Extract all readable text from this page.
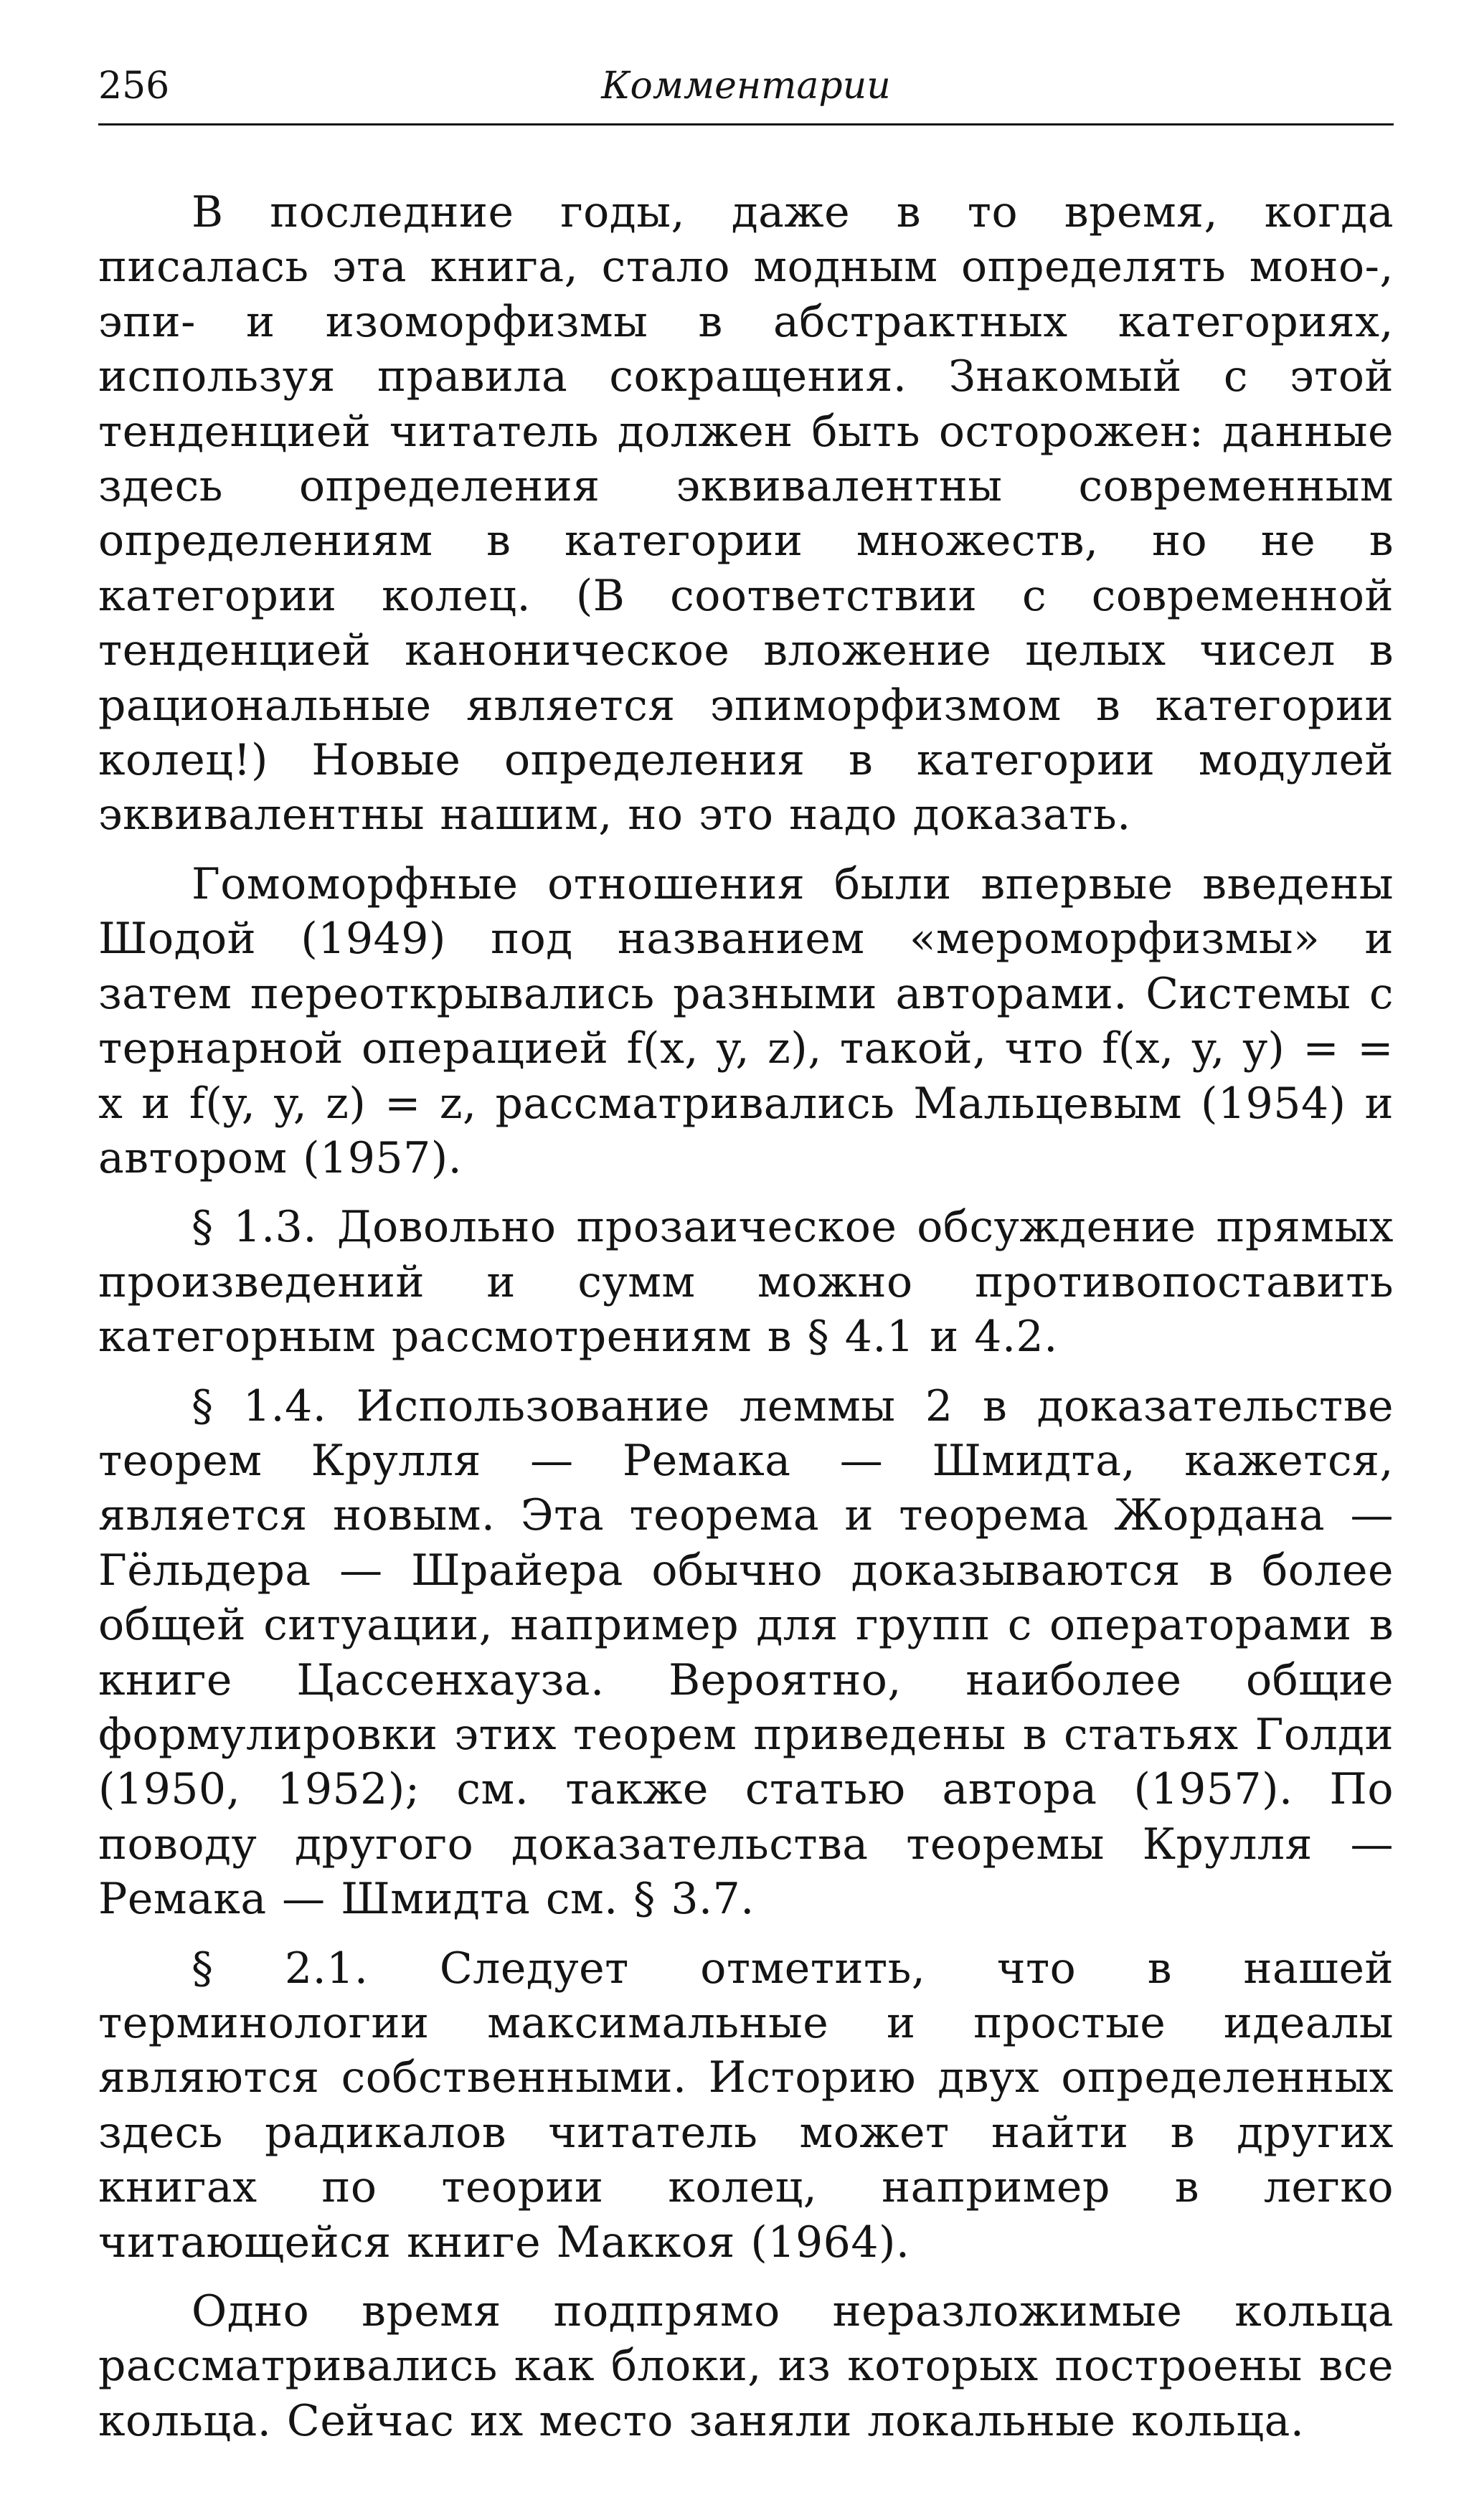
256	Комментарии

В последние годы, даже в то время, когда писалась эта книга, стало модным определять моно-, эпи- и изоморфизмы в абстрактных категориях, используя правила сокращения. Знакомый с этой тенденцией читатель должен быть осторожен: данные здесь определения эквивалентны современным определениям в категории множеств, но не в категории колец. (В соответствии с современной тенденцией каноническое вложение целых чисел в рациональные является эпиморфизмом в категории колец!) Новые определения в категории модулей эквивалентны нашим, но это надо доказать.

Гомоморфные отношения были впервые введены Шодой (1949) под названием «мероморфизмы» и затем переоткрывались разными авторами. Системы с тернарной операцией f(x, y, z), такой, что f(x, y, y) = = x и f(y, y, z) = z, рассматривались Мальцевым (1954) и автором (1957).

§ 1.3. Довольно прозаическое обсуждение прямых произведений и сумм можно противопоставить категорным рассмотрениям в § 4.1 и 4.2.

§ 1.4. Использование леммы 2 в доказательстве теорем Крулля — Ремака — Шмидта, кажется, является новым. Эта теорема и теорема Жордана — Гёльдера — Шрайера обычно доказываются в более общей ситуации, например для групп с операторами в книге Цассенхауза. Вероятно, наиболее общие формулировки этих теорем приведены в статьях Голди (1950, 1952); см. также статью автора (1957). По поводу другого доказательства теоремы Крулля — Ремака — Шмидта см. § 3.7.

§ 2.1. Следует отметить, что в нашей терминологии максимальные и простые идеалы являются собственными. Историю двух определенных здесь радикалов читатель может найти в других книгах по теории колец, например в легко читающейся книге Маккоя (1964).

Одно время подпрямо неразложимые кольца рассматривались как блоки, из которых построены все кольца. Сейчас их место заняли локальные кольца.
